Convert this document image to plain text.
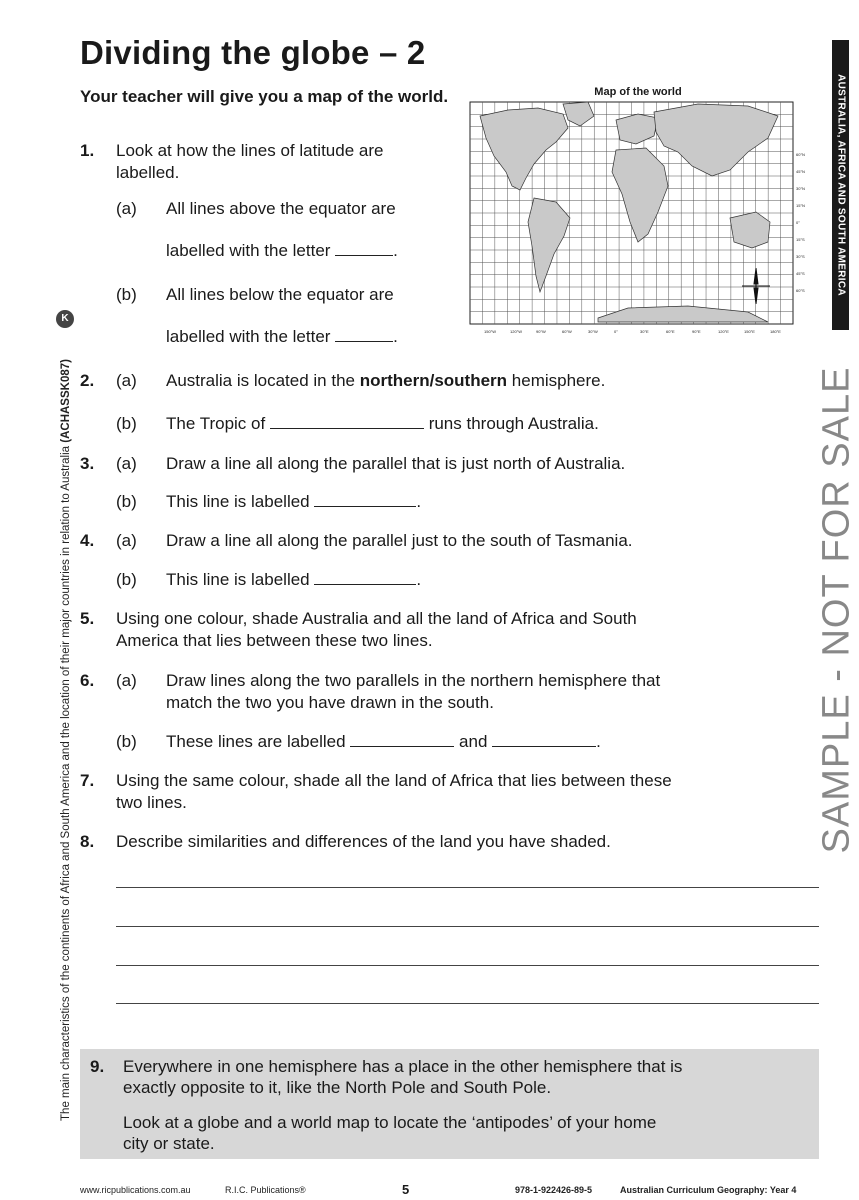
Dividing the globe – 2
Your teacher will give you a map of the world.	Map of the world
60°N
45°N
30°N
15°N
0°
15°S
30°S
45°S
60°S
150°W	120°W	90°W	60°W	30°W	0°	30°E	60°E	90°E	120°E	150°E	180°E
1. Look at how the lines of latitude are labelled.
(a) All lines above the equator are
labelled with the letter	.
(b) All lines below the equator are
labelled with the letter	.
2. (a) Australia is located in the northern/southern hemisphere.
(b) The Tropic of	runs through Australia.
3. (a) Draw a line all along the parallel that is just north of Australia.
(b) This line is labelled	.
4. (a) Draw a line all along the parallel just to the south of Tasmania.
(b) This line is labelled	.
5. Using one colour, shade Australia and all the land of Africa and South
America that lies between these two lines.
6. (a) Draw lines along the two parallels in the northern hemisphere that
match the two you have drawn in the south.
(b) These lines are labelled	and	.
7. Using the same colour, shade all the land of Africa that lies between these
two lines.
8. Describe similarities and differences of the land you have shaded.
9. Everywhere in one hemisphere has a place in the other hemisphere that is
exactly opposite to it, like the North Pole and South Pole.
Look at a globe and a world map to locate the ‘antipodes’ of your home
city or state.
AUSTRALIA, AFRICA AND SOUTH AMERICA
SAMPLE - NOT FOR SALE
K
The main characteristics of the continents of Africa and South America and the location of their major countries in relation to Australia (ACHASSK087)
www.ricpublications.com.au	R.I.C. Publications®	5	978-1-922426-89-5	Australian Curriculum Geography: Year 4
